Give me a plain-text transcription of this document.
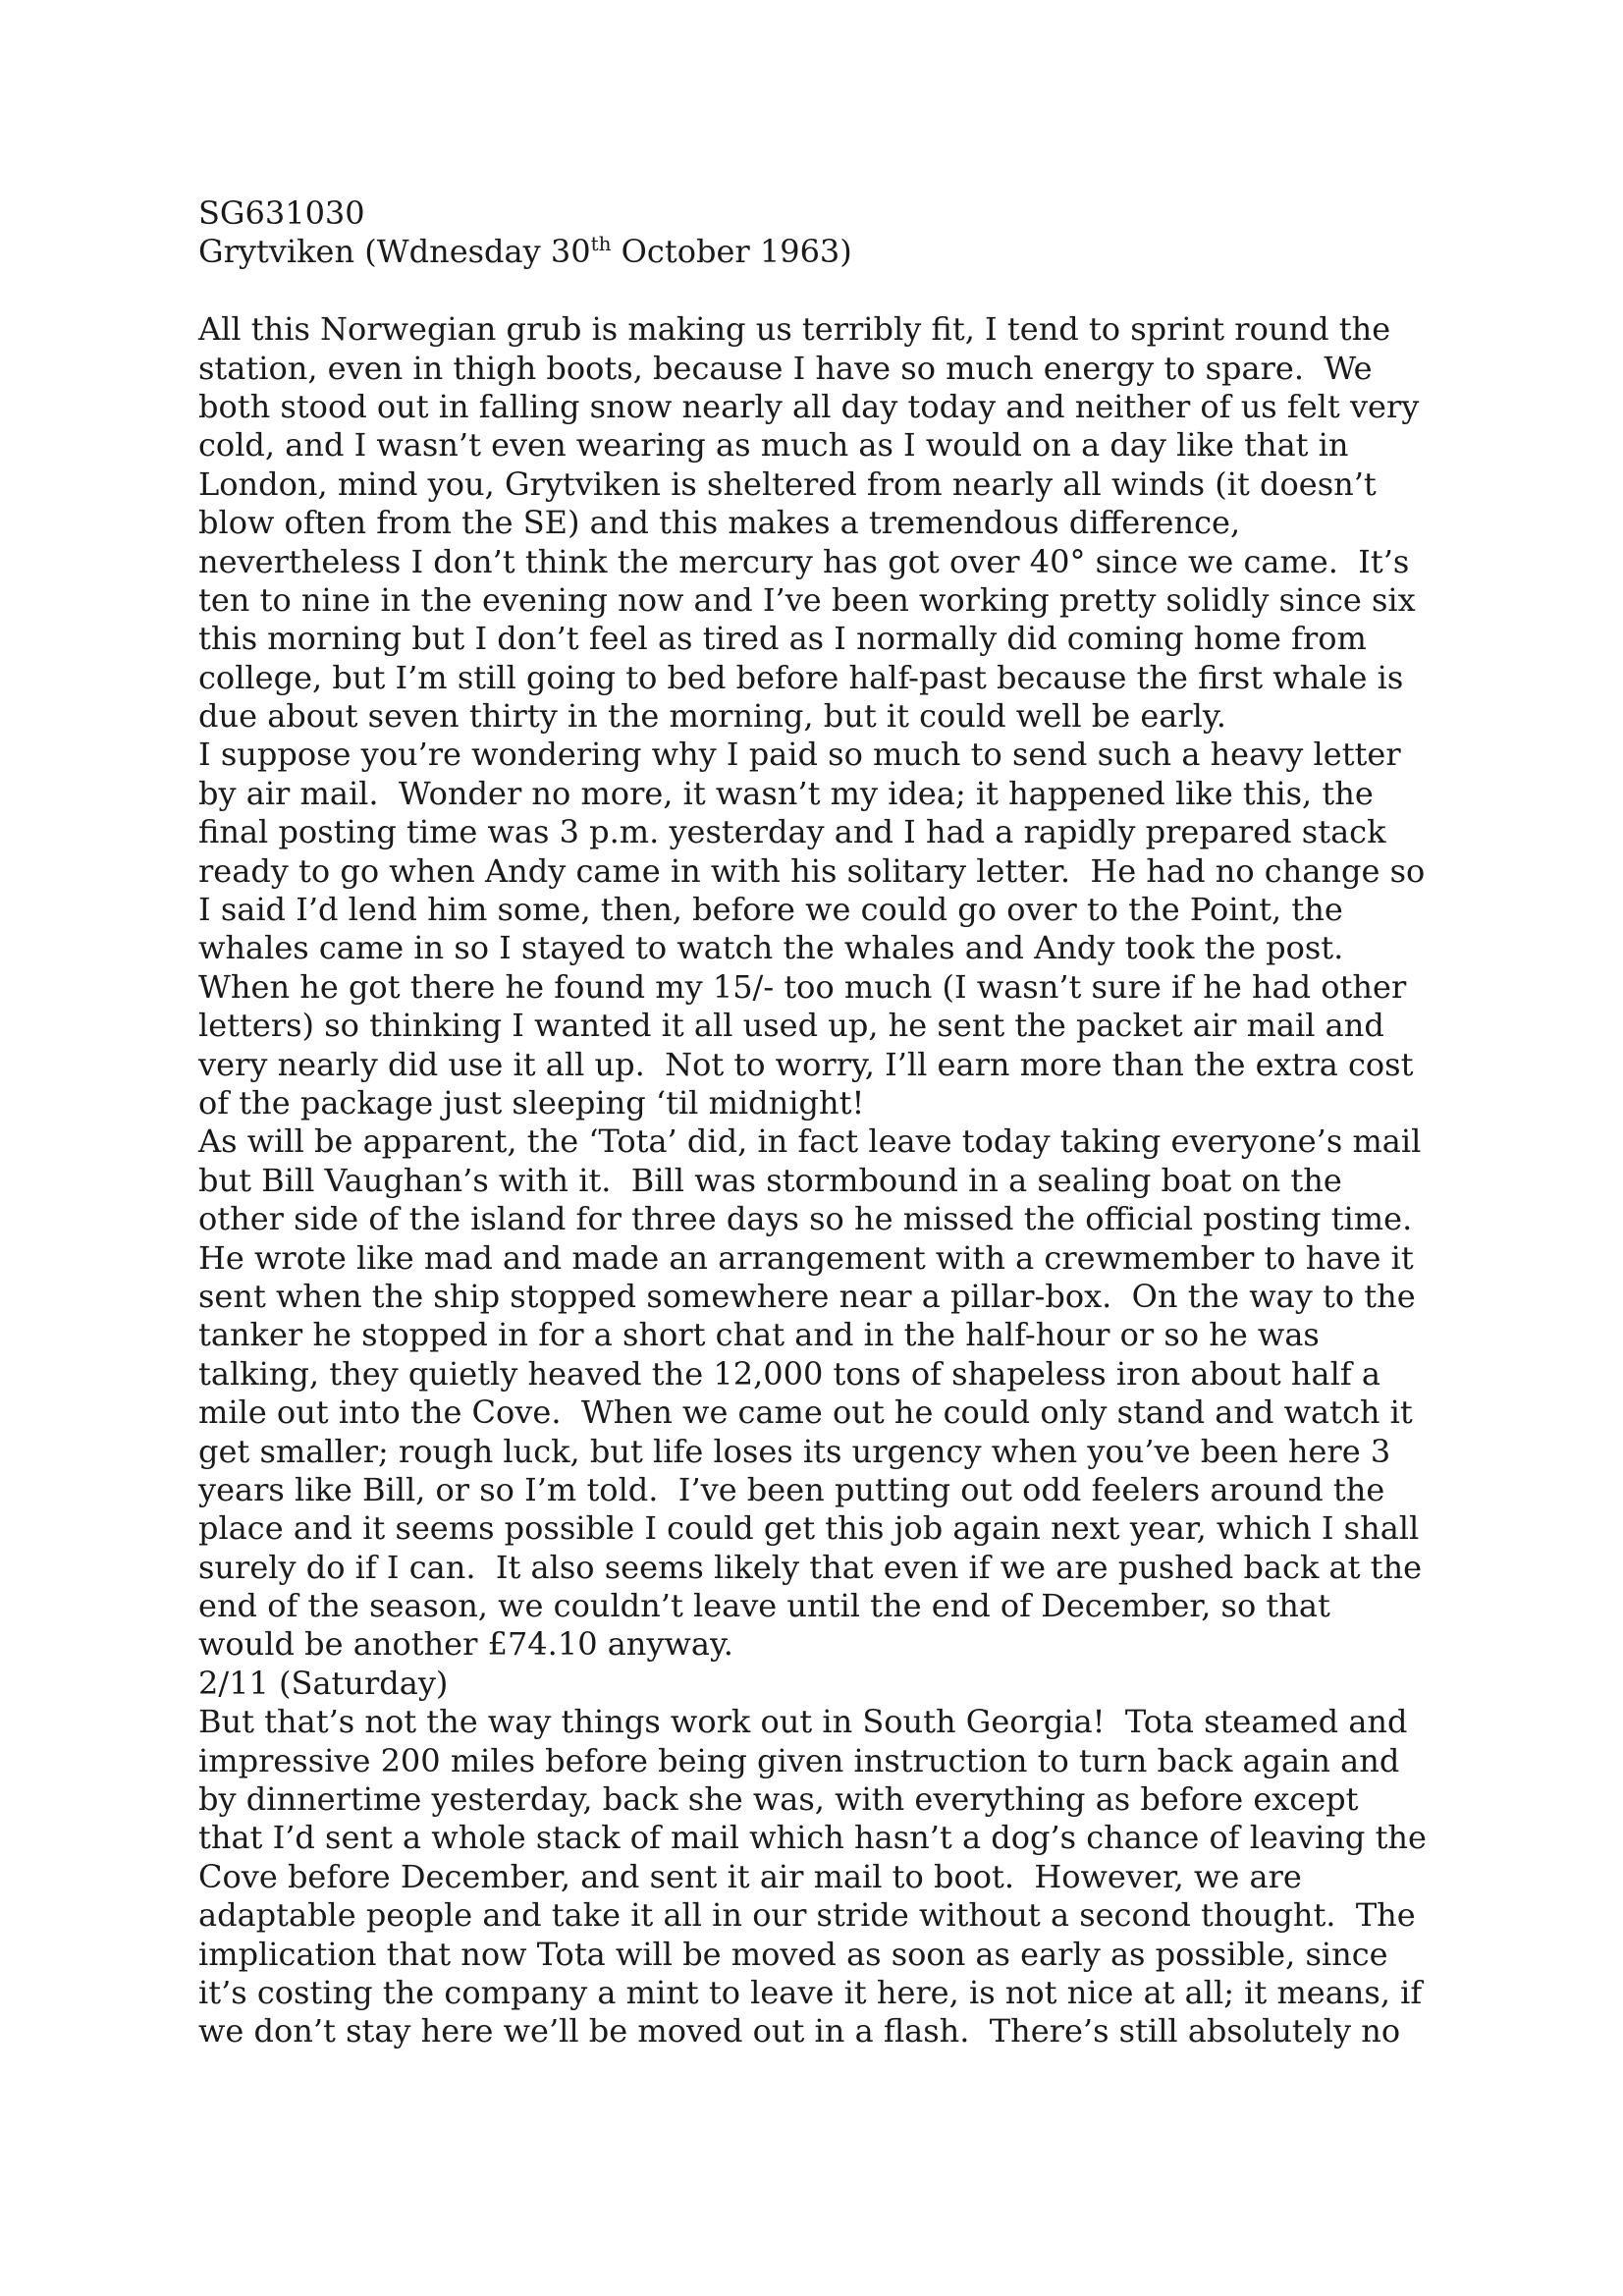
SG631030
Grytviken (Wdnesday 30th October 1963)
All this Norwegian grub is making us terribly fit, I tend to sprint round the
station, even in thigh boots, because I have so much energy to spare.  We
both stood out in falling snow nearly all day today and neither of us felt very
cold, and I wasn’t even wearing as much as I would on a day like that in
London, mind you, Grytviken is sheltered from nearly all winds (it doesn’t
blow often from the SE) and this makes a tremendous difference,
nevertheless I don’t think the mercury has got over 40° since we came.  It’s
ten to nine in the evening now and I’ve been working pretty solidly since six
this morning but I don’t feel as tired as I normally did coming home from
college, but I’m still going to bed before half-past because the first whale is
due about seven thirty in the morning, but it could well be early.
I suppose you’re wondering why I paid so much to send such a heavy letter
by air mail.  Wonder no more, it wasn’t my idea; it happened like this, the
final posting time was 3 p.m. yesterday and I had a rapidly prepared stack
ready to go when Andy came in with his solitary letter.  He had no change so
I said I’d lend him some, then, before we could go over to the Point, the
whales came in so I stayed to watch the whales and Andy took the post.
When he got there he found my 15/- too much (I wasn’t sure if he had other
letters) so thinking I wanted it all used up, he sent the packet air mail and
very nearly did use it all up.  Not to worry, I’ll earn more than the extra cost
of the package just sleeping ‘til midnight!
As will be apparent, the ‘Tota’ did, in fact leave today taking everyone’s mail
but Bill Vaughan’s with it.  Bill was stormbound in a sealing boat on the
other side of the island for three days so he missed the official posting time.
He wrote like mad and made an arrangement with a crewmember to have it
sent when the ship stopped somewhere near a pillar-box.  On the way to the
tanker he stopped in for a short chat and in the half-hour or so he was
talking, they quietly heaved the 12,000 tons of shapeless iron about half a
mile out into the Cove.  When we came out he could only stand and watch it
get smaller; rough luck, but life loses its urgency when you’ve been here 3
years like Bill, or so I’m told.  I’ve been putting out odd feelers around the
place and it seems possible I could get this job again next year, which I shall
surely do if I can.  It also seems likely that even if we are pushed back at the
end of the season, we couldn’t leave until the end of December, so that
would be another £74.10 anyway.
2/11 (Saturday)
But that’s not the way things work out in South Georgia!  Tota steamed and
impressive 200 miles before being given instruction to turn back again and
by dinnertime yesterday, back she was, with everything as before except
that I’d sent a whole stack of mail which hasn’t a dog’s chance of leaving the
Cove before December, and sent it air mail to boot.  However, we are
adaptable people and take it all in our stride without a second thought.  The
implication that now Tota will be moved as soon as early as possible, since
it’s costing the company a mint to leave it here, is not nice at all; it means, if
we don’t stay here we’ll be moved out in a flash.  There’s still absolutely no
